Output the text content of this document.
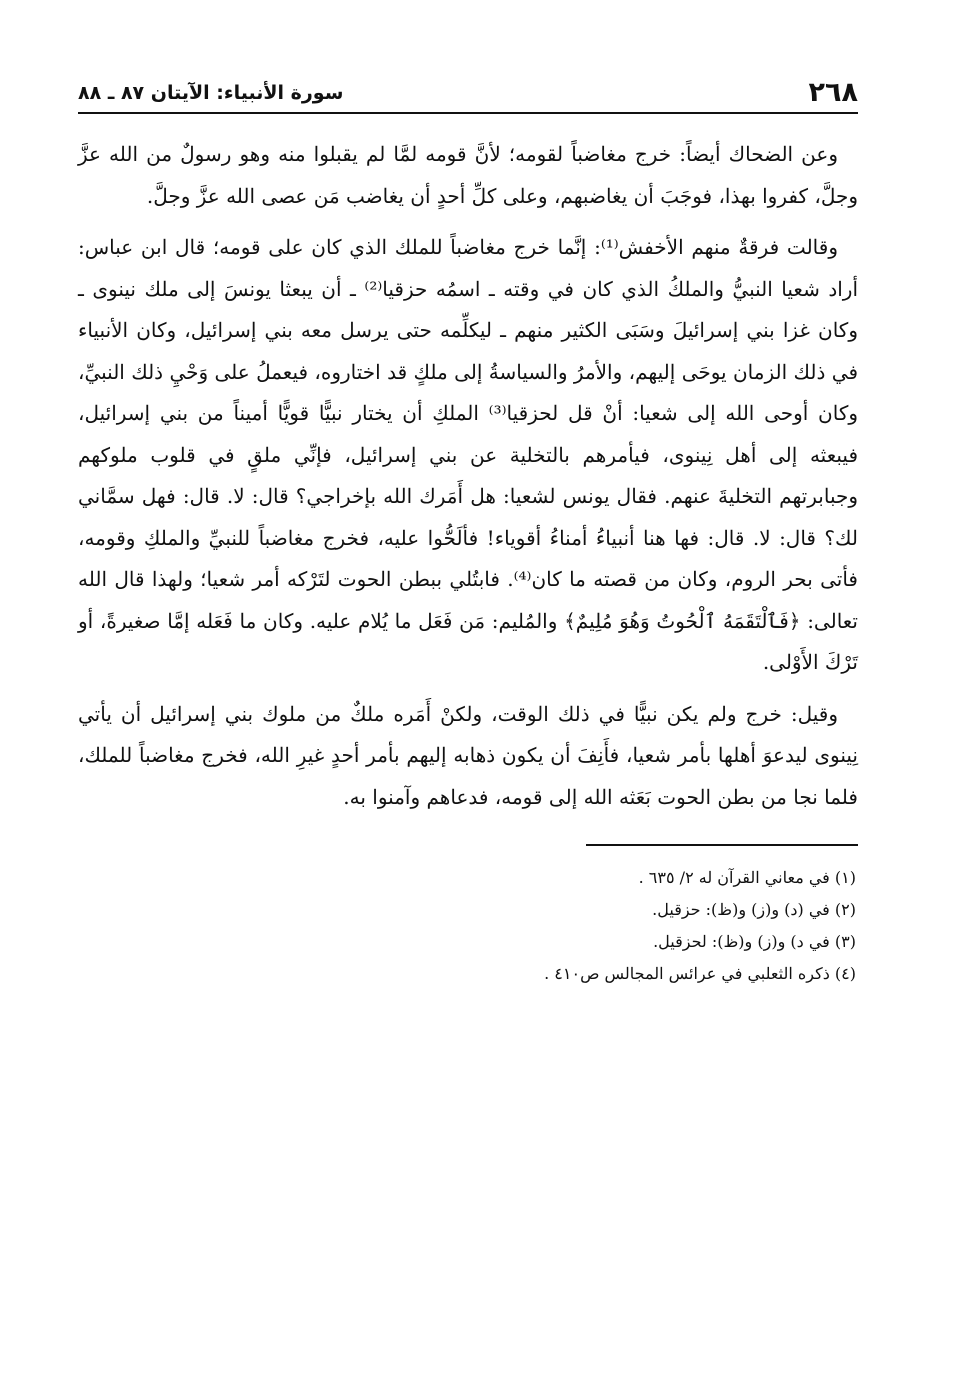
٢٦٨
سورة الأنبياء: الآيتان ٨٧ ـ ٨٨

وعن الضحاك أيضاً: خرج مغاضباً لقومه؛ لأنَّ قومه لمَّا لم يقبلوا منه وهو رسولٌ من الله عزَّ وجلَّ، كفروا بهذا، فوجَبَ أن يغاضبهم، وعلى كلِّ أحدٍ أن يغاضب مَن عصى الله عزَّ وجلَّ.

وقالت فرقةٌ منهم الأخفش⁽¹⁾: إنَّما خرج مغاضباً للملك الذي كان على قومه؛ قال ابن عباس: أراد شعيا النبيُّ والملكُ الذي كان في وقته ـ اسمُه حزقيا⁽²⁾ ـ أن يبعثا يونسَ إلى ملك نينوى ـ وكان غزا بني إسرائيلَ وسَبَى الكثير منهم ـ ليكلِّمه حتى يرسل معه بني إسرائيل، وكان الأنبياء في ذلك الزمان يوحَى إليهم، والأمرُ والسياسةُ إلى ملكٍ قد اختاروه، فيعملُ على وَحْيِ ذلك النبيِّ، وكان أوحى الله إلى شعيا: أنْ قل لحزقيا⁽³⁾ الملكِ أن يختار نبيًّا قويًّا أميناً من بني إسرائيل، فيبعثه إلى أهل نِينوى، فيأمرهم بالتخلية عن بني إسرائيل، فإنِّي ملقٍ في قلوب ملوكهم وجبابرتهم التخليةَ عنهم. فقال يونس لشعيا: هل أَمَرك الله بإخراجي؟ قال: لا. قال: فهل سمَّاني لك؟ قال: لا. قال: فها هنا أنبياءُ أمناءُ أقوياء! فألَحُّوا عليه، فخرج مغاضباً للنبيِّ والملكِ وقومه، فأتى بحر الروم، وكان من قصته ما كان⁽⁴⁾. فابتُلي ببطن الحوت لتَرْكه أمر شعيا؛ ولهذا قال الله تعالى: ﴿فَٱلْتَقَمَهُ ٱلْحُوتُ وَهُوَ مُلِيمٌ﴾ والمُليم: مَن فَعَل ما يُلام عليه. وكان ما فَعَله إمَّا صغيرةً، أو تَرْكَ الأَوْلى.

وقيل: خرج ولم يكن نبيًّا في ذلك الوقت، ولكنْ أَمَره ملكٌ من ملوك بني إسرائيل أن يأتي نِينوى ليدعوَ أهلها بأمر شعيا، فأَنِفَ أن يكون ذهابه إليهم بأمر أحدٍ غيرِ الله، فخرج مغاضباً للملك، فلما نجا من بطن الحوت بَعَثه الله إلى قومه، فدعاهم وآمنوا به.

(١) في معاني القرآن له ٢/ ٦٣٥ .

(٢) في (د) و(ز) و(ظ): حزقيل.

(٣) في د) و(ز) و(ظ): لحزقيل.

(٤) ذكره الثعلبي في عرائس المجالس ص٤١٠ .
